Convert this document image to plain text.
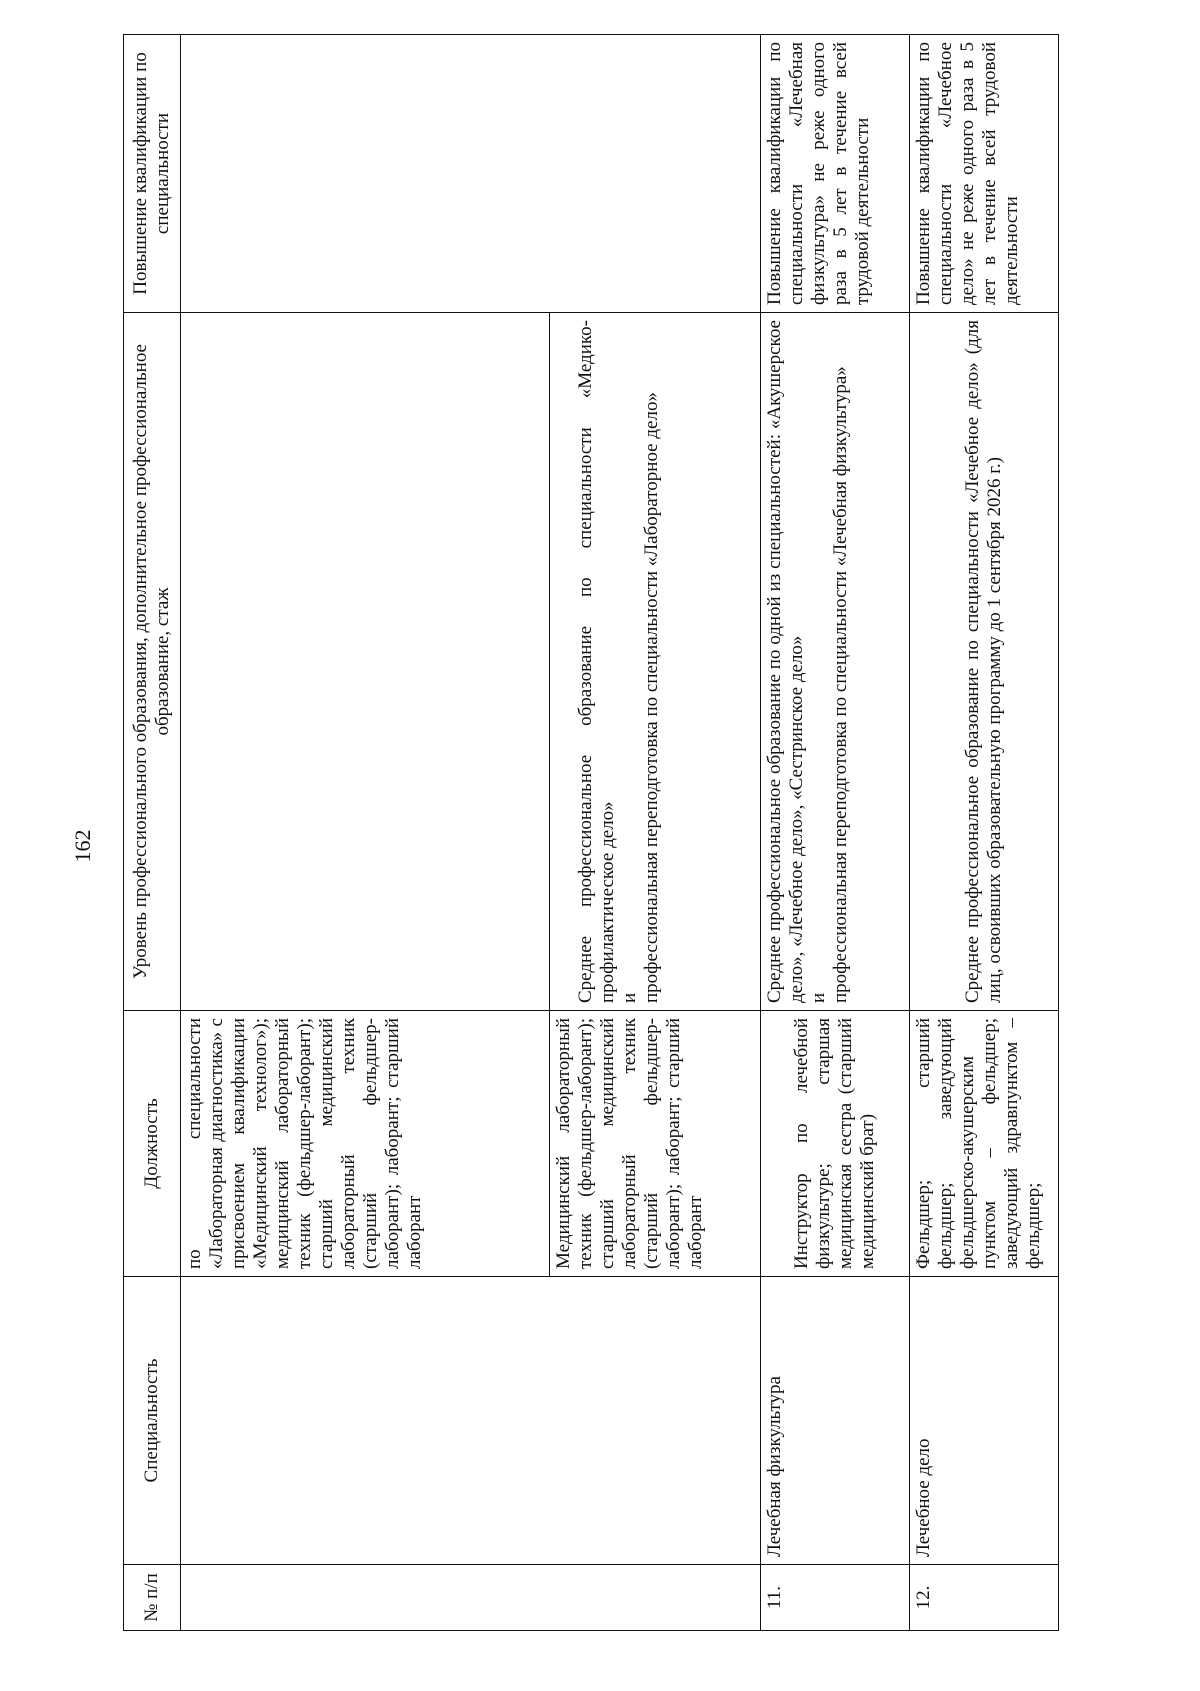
162
№ п/п	Специальность	Должность	Уровень профессионального образования, дополнительное профессиональное образование, стаж	Повышение квалификации по специальности
		по специальности «Лабораторная диагностика» с присвоением квалификации «Медицинский технолог»); медицинский лабораторный техник (фельдшер-лаборант); старший медицинский лабораторный техник (старший фельдшер-лаборант); лаборант; старший лаборант		
		Медицинский лабораторный техник (фельдшер-лаборант); старший медицинский лабораторный техник (старший фельдшер-лаборант); лаборант; старший лаборант	Среднее профессиональное образование по специальности «Медико-профилактическое дело» и профессиональная переподготовка по специальности «Лабораторное дело»	

11.	Лечебная физкультура	Инструктор по лечебной физкультуре; старшая медицинская сестра (старший медицинский брат)	Среднее профессиональное образование по одной из специальностей: «Акушерское дело», «Лечебное дело», «Сестринское дело» и профессиональная переподготовка по специальности «Лечебная физкультура»	Повышение квалификации по специальности «Лечебная физкультура» не реже одного раза в 5 лет в течение всей трудовой деятельности
12.	Лечебное дело	Фельдшер; старший фельдшер; заведующий фельдшерско-акушерским пунктом – фельдшер; заведующий здравпунктом – фельдшер;	Среднее профессиональное образование по специальности «Лечебное дело» (для лиц, освоивших образовательную программу до 1 сентября 2026 г.)	Повышение квалификации по специальности «Лечебное дело» не реже одного раза в 5 лет в течение всей трудовой деятельности
